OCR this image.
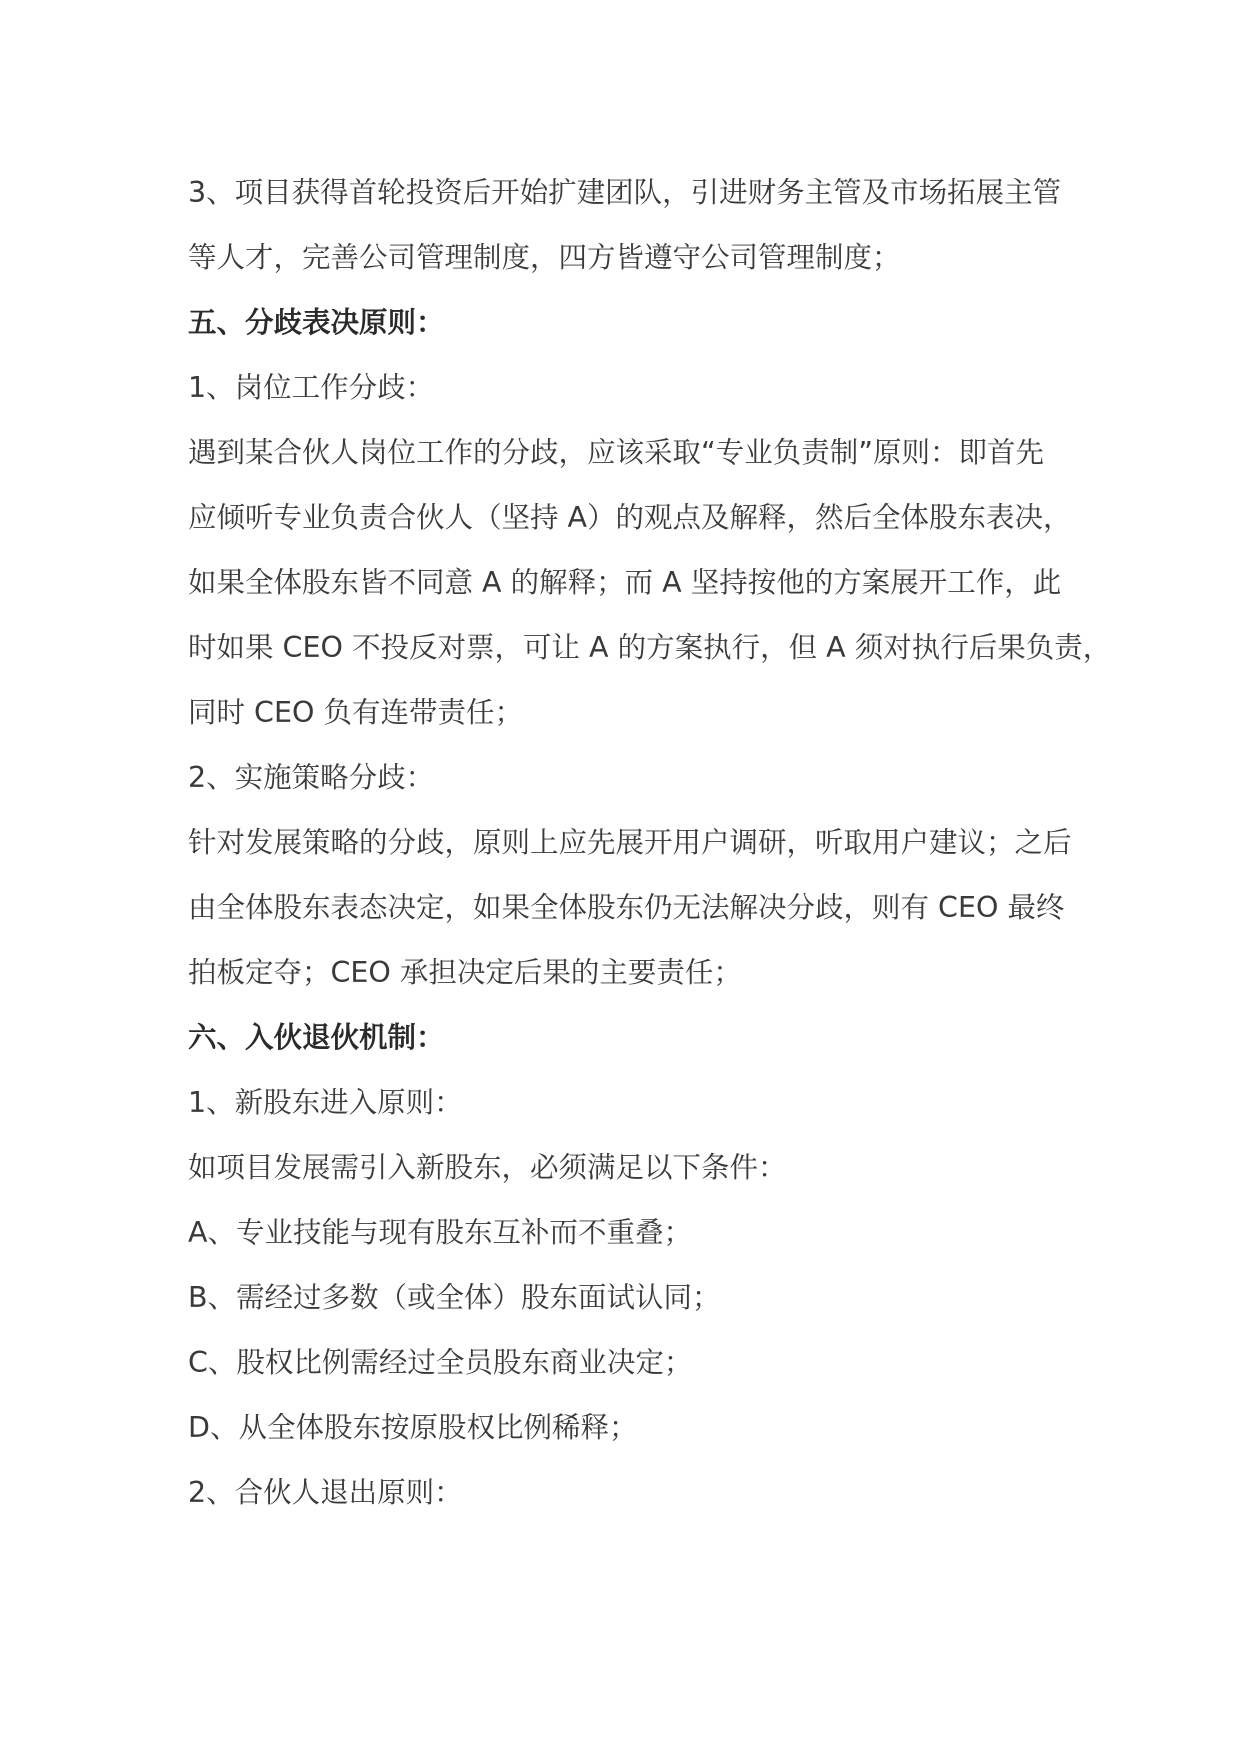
3、项目获得首轮投资后开始扩建团队，引进财务主管及市场拓展主管
等人才，完善公司管理制度，四方皆遵守公司管理制度；
五、分歧表决原则：
1、岗位工作分歧：
遇到某合伙人岗位工作的分歧，应该采取“专业负责制”原则：即首先
应倾听专业负责合伙人（坚持 A）的观点及解释，然后全体股东表决，
如果全体股东皆不同意 A 的解释；而 A 坚持按他的方案展开工作，此
时如果 CEO 不投反对票，可让 A 的方案执行，但 A 须对执行后果负责，
同时 CEO 负有连带责任；
2、实施策略分歧：
针对发展策略的分歧，原则上应先展开用户调研，听取用户建议；之后
由全体股东表态决定，如果全体股东仍无法解决分歧，则有 CEO 最终
拍板定夺；CEO 承担决定后果的主要责任；
六、入伙退伙机制：
1、新股东进入原则：
如项目发展需引入新股东，必须满足以下条件：
A、专业技能与现有股东互补而不重叠；
B、需经过多数（或全体）股东面试认同；
C、股权比例需经过全员股东商业决定；
D、从全体股东按原股权比例稀释；
2、合伙人退出原则：
